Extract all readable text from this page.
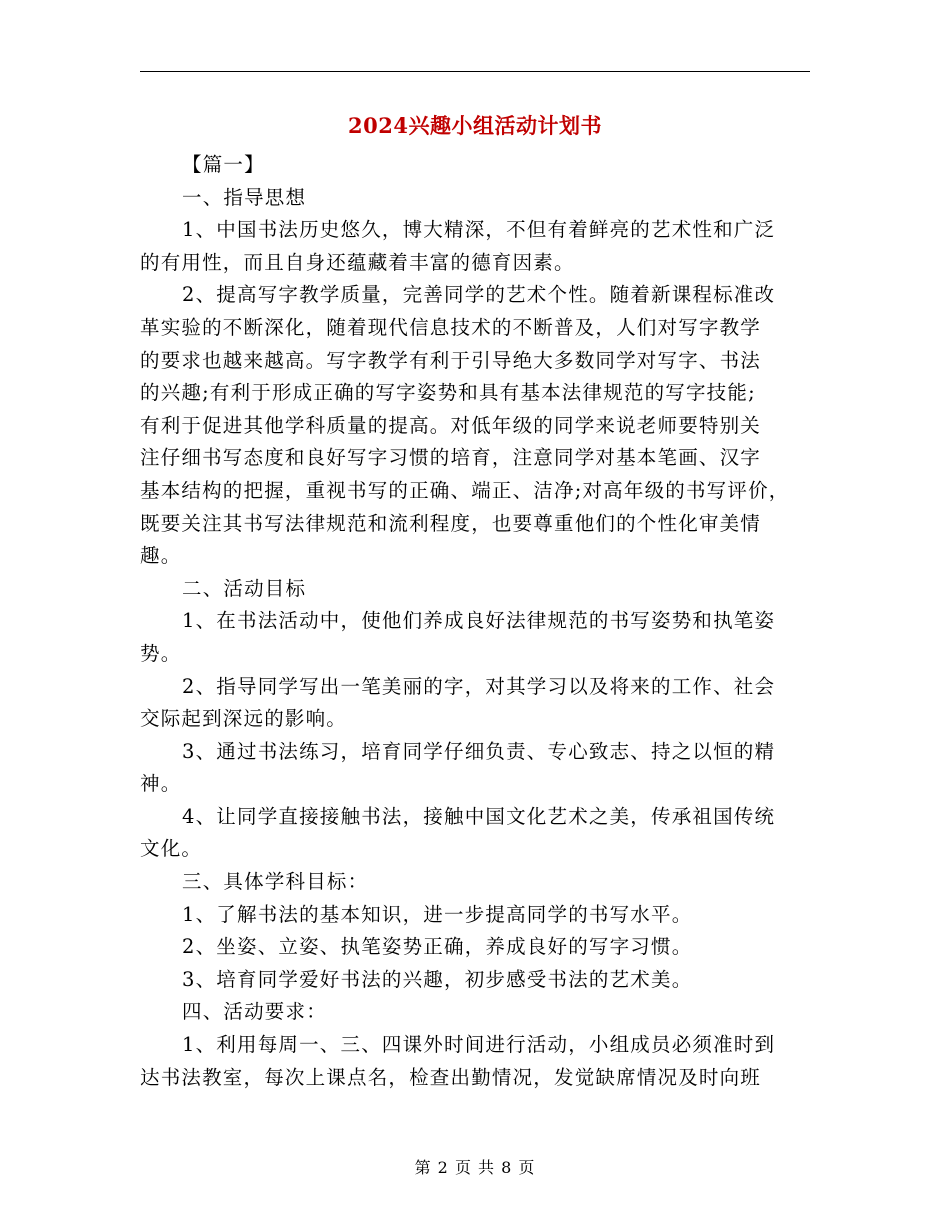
2024兴趣小组活动计划书
【篇一】
一、指导思想
1、中国书法历史悠久，博大精深，不但有着鲜亮的艺术性和广泛
的有用性，而且自身还蕴藏着丰富的德育因素。
2、提高写字教学质量，完善同学的艺术个性。随着新课程标准改
革实验的不断深化，随着现代信息技术的不断普及，人们对写字教学
的要求也越来越高。写字教学有利于引导绝大多数同学对写字、书法
的兴趣;有利于形成正确的写字姿势和具有基本法律规范的写字技能;
有利于促进其他学科质量的提高。对低年级的同学来说老师要特别关
注仔细书写态度和良好写字习惯的培育，注意同学对基本笔画、汉字
基本结构的把握，重视书写的正确、端正、洁净;对高年级的书写评价，
既要关注其书写法律规范和流利程度，也要尊重他们的个性化审美情
趣。
二、活动目标
1、在书法活动中，使他们养成良好法律规范的书写姿势和执笔姿
势。
2、指导同学写出一笔美丽的字，对其学习以及将来的工作、社会
交际起到深远的影响。
3、通过书法练习，培育同学仔细负责、专心致志、持之以恒的精
神。
4、让同学直接接触书法，接触中国文化艺术之美，传承祖国传统
文化。
三、具体学科目标：
1、了解书法的基本知识，进一步提高同学的书写水平。
2、坐姿、立姿、执笔姿势正确，养成良好的写字习惯。
3、培育同学爱好书法的兴趣，初步感受书法的艺术美。
四、活动要求：
1、利用每周一、三、四课外时间进行活动，小组成员必须准时到
达书法教室，每次上课点名，检查出勤情况，发觉缺席情况及时向班
第 2 页 共 8 页
